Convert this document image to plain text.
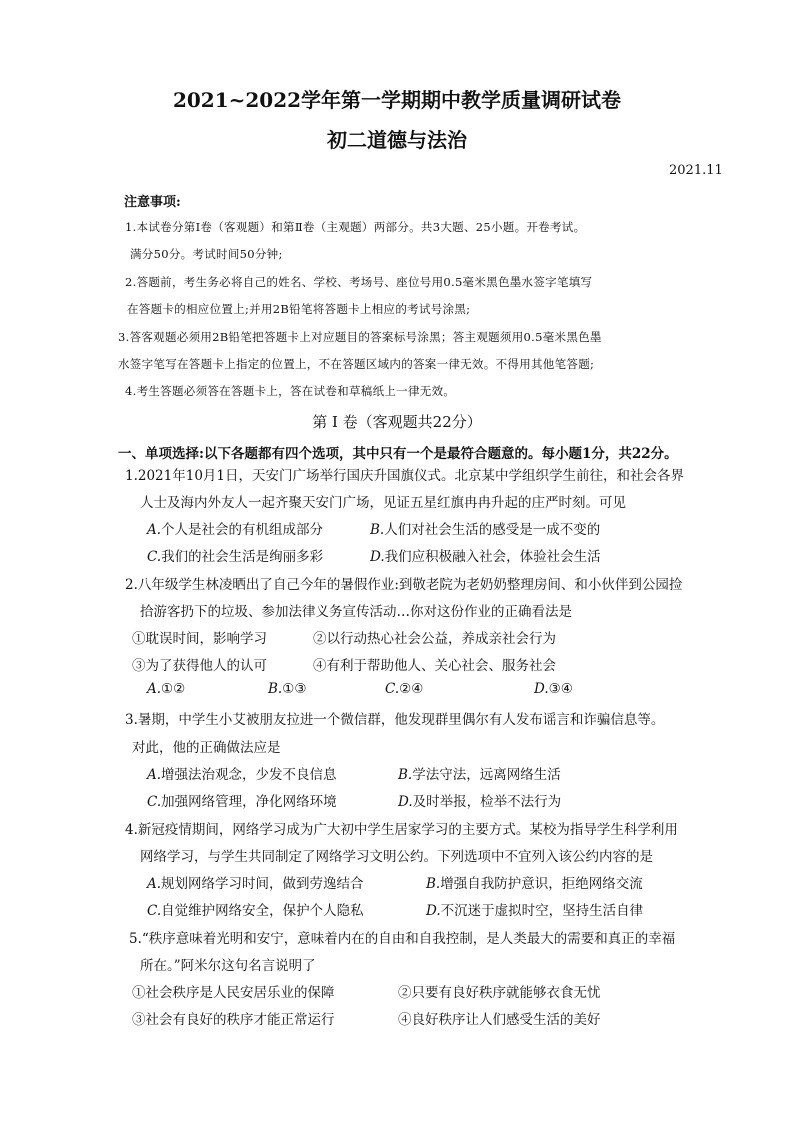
2021~2022学年第一学期期中教学质量调研试卷
初二道德与法治
2021.11
注意事项:
1.本试卷分第Ⅰ卷（客观题）和第Ⅱ卷（主观题）两部分。共3大题、25小题。开卷考试。
满分50分。考试时间50分钟;
2.答题前，考生务必将自己的姓名、学校、考场号、座位号用0.5毫米黑色墨水签字笔填写
在答题卡的相应位置上;并用2B铅笔将答题卡上相应的考试号涂黑;
3.答客观题必须用2B铅笔把答题卡上对应题目的答案标号涂黑；答主观题须用0.5毫米黑色墨
水签字笔写在答题卡上指定的位置上，不在答题区域内的答案一律无效。不得用其他笔答题;
4.考生答题必须答在答题卡上，答在试卷和草稿纸上一律无效。
第 I 卷（客观题共22分）
一、单项选择:以下各题都有四个选项，其中只有一个是最符合题意的。每小题1分，共22分。
1.2021年10月1日，天安门广场举行国庆升国旗仪式。北京某中学组织学生前往，和社会各界
人士及海内外友人一起齐聚天安门广场，见证五星红旗冉冉升起的庄严时刻。可见
A.个人是社会的有机组成部分	B.人们对社会生活的感受是一成不变的
C.我们的社会生活是绚丽多彩	D.我们应积极融入社会，体验社会生活
2.八年级学生林凌晒出了自己今年的暑假作业:到敬老院为老奶奶整理房间、和小伙伴到公园捡
拾游客扔下的垃圾、参加法律义务宣传活动…你对这份作业的正确看法是
①耽误时间，影响学习	②以行动热心社会公益，养成亲社会行为
③为了获得他人的认可	④有利于帮助他人、关心社会、服务社会
A.①②	B.①③	C.②④	D.③④
3.暑期，中学生小艾被朋友拉进一个微信群，他发现群里偶尔有人发布谣言和诈骗信息等。
对此，他的正确做法应是
A.增强法治观念，少发不良信息	B.学法守法，远离网络生活
C.加强网络管理，净化网络环境	D.及时举报，检举不法行为
4.新冠疫情期间，网络学习成为广大初中学生居家学习的主要方式。某校为指导学生科学利用
网络学习，与学生共同制定了网络学习文明公约。下列选项中不宜列入该公约内容的是
A.规划网络学习时间，做到劳逸结合	B.增强自我防护意识，拒绝网络交流
C.自觉维护网络安全，保护个人隐私	D.不沉迷于虚拟时空，坚持生活自律
5.“秩序意味着光明和安宁，意味着内在的自由和自我控制，是人类最大的需要和真正的幸福
所在。”阿米尔这句名言说明了
①社会秩序是人民安居乐业的保障	②只要有良好秩序就能够衣食无忧
③社会有良好的秩序才能正常运行	④良好秩序让人们感受生活的美好
